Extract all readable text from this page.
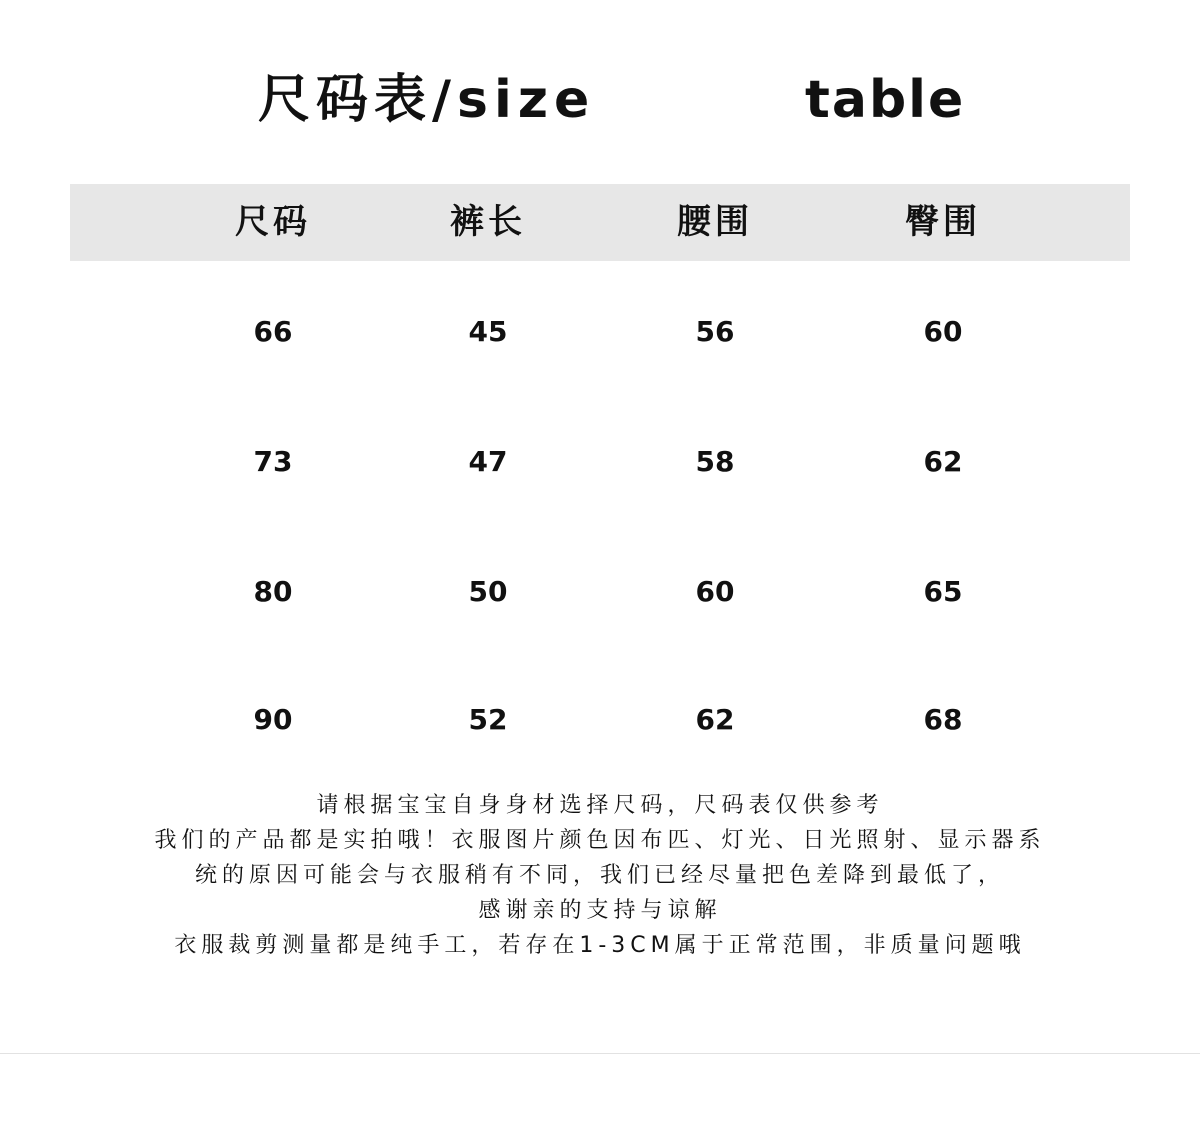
尺码表/size	table
尺码	裤长	腰围	臀围
66	45	56	60
73	47	58	62
80	50	60	65
90	52	62	68
请根据宝宝自身身材选择尺码，尺码表仅供参考
我们的产品都是实拍哦！衣服图片颜色因布匹、灯光、日光照射、显示器系
统的原因可能会与衣服稍有不同，我们已经尽量把色差降到最低了，
感谢亲的支持与谅解
衣服裁剪测量都是纯手工，若存在1-3CM属于正常范围，非质量问题哦
